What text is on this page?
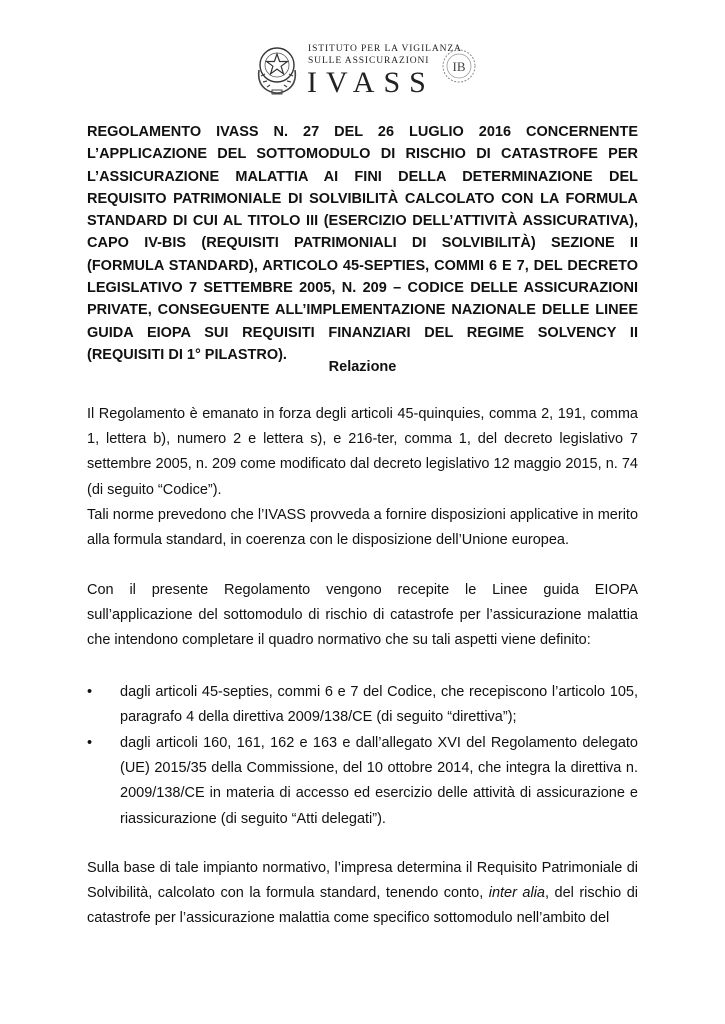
ISTITUTO PER LA VIGILANZA
SULLE ASSICURAZIONI
IVASS IB

REGOLAMENTO IVASS N. 27 DEL 26 LUGLIO 2016 CONCERNENTE L’APPLICAZIONE DEL SOTTOMODULO DI RISCHIO DI CATASTROFE PER L’ASSICURAZIONE MALATTIA AI FINI DELLA DETERMINAZIONE DEL REQUISITO PATRIMONIALE DI SOLVIBILITÀ CALCOLATO CON LA FORMULA STANDARD DI CUI AL TITOLO III (ESERCIZIO DELL’ATTIVITÀ ASSICURATIVA), CAPO IV-BIS (REQUISITI PATRIMONIALI DI SOLVIBILITÀ) SEZIONE II (FORMULA STANDARD), ARTICOLO 45-SEPTIES, COMMI 6 E 7, DEL DECRETO LEGISLATIVO 7 SETTEMBRE 2005, N. 209 – CODICE DELLE ASSICURAZIONI PRIVATE, CONSEGUENTE ALL’IMPLEMENTAZIONE NAZIONALE DELLE LINEE GUIDA EIOPA SUI REQUISITI FINANZIARI DEL REGIME SOLVENCY II (REQUISITI DI 1° PILASTRO).

Relazione

Il Regolamento è emanato in forza degli articoli 45-quinquies, comma 2, 191, comma 1, lettera b), numero 2 e lettera s), e 216-ter, comma 1, del decreto legislativo 7 settembre 2005, n. 209 come modificato dal decreto legislativo 12 maggio 2015, n. 74 (di seguito “Codice”).

Tali norme prevedono che l’IVASS provveda a fornire disposizioni applicative in merito alla formula standard, in coerenza con le disposizione dell’Unione europea.

Con il presente Regolamento vengono recepite le Linee guida EIOPA sull’applicazione del sottomodulo di rischio di catastrofe per l’assicurazione malattia che intendono completare il quadro normativo che su tali aspetti viene definito:

• dagli articoli 45-septies, commi 6 e 7 del Codice, che recepiscono l’articolo 105, paragrafo 4 della direttiva 2009/138/CE (di seguito “direttiva”);
• dagli articoli 160, 161, 162 e 163 e dall’allegato XVI del Regolamento delegato (UE) 2015/35 della Commissione, del 10 ottobre 2014, che integra la direttiva n. 2009/138/CE in materia di accesso ed esercizio delle attività di assicurazione e riassicurazione (di seguito “Atti delegati”).

Sulla base di tale impianto normativo, l’impresa determina il Requisito Patrimoniale di Solvibilità, calcolato con la formula standard, tenendo conto, inter alia, del rischio di catastrofe per l’assicurazione malattia come specifico sottomodulo nell’ambito del
